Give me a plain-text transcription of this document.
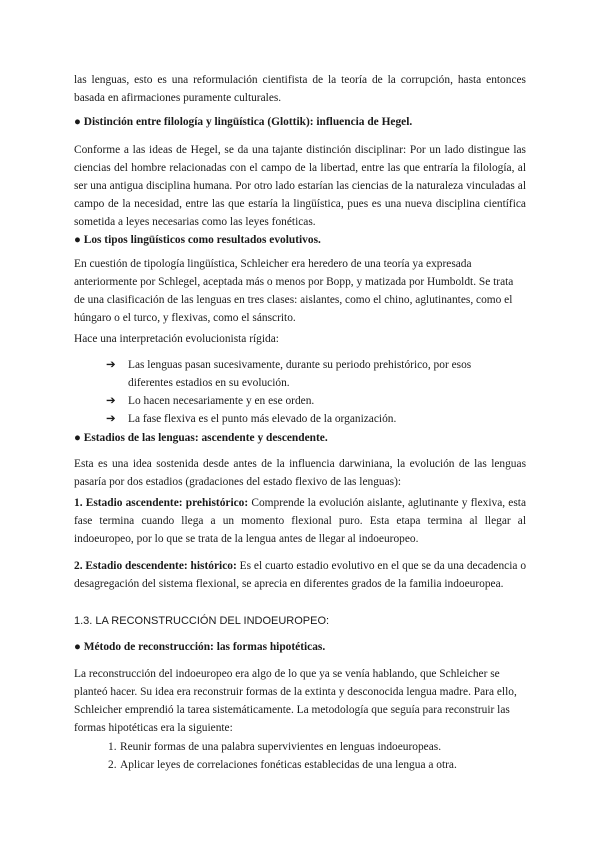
las lenguas, esto es una reformulación cientifista de la teoría de la corrupción, hasta entonces basada en afirmaciones puramente culturales.

● Distinción entre filología y lingüística (Glottik): influencia de Hegel.

Conforme a las ideas de Hegel, se da una tajante distinción disciplinar: Por un lado distingue las ciencias del hombre relacionadas con el campo de la libertad, entre las que entraría la filología, al ser una antigua disciplina humana. Por otro lado estarían las ciencias de la naturaleza vinculadas al campo de la necesidad, entre las que estaría la lingüística, pues es una nueva disciplina científica sometida a leyes necesarias como las leyes fonéticas.

● Los tipos lingüísticos como resultados evolutivos.

En cuestión de tipología lingüística, Schleicher era heredero de una teoría ya expresada anteriormente por Schlegel, aceptada más o menos por Bopp, y matizada por Humboldt. Se trata de una clasificación de las lenguas en tres clases: aislantes, como el chino, aglutinantes, como el húngaro o el turco, y flexivas, como el sánscrito.

Hace una interpretación evolucionista rígida:

➔ Las lenguas pasan sucesivamente, durante su periodo prehistórico, por esos diferentes estadios en su evolución.
➔ Lo hacen necesariamente y en ese orden.
➔ La fase flexiva es el punto más elevado de la organización.

● Estadios de las lenguas: ascendente y descendente.

Esta es una idea sostenida desde antes de la influencia darwiniana, la evolución de las lenguas pasaría por dos estadios (gradaciones del estado flexivo de las lenguas):

1. Estadio ascendente: prehistórico: Comprende la evolución aislante, aglutinante y flexiva, esta fase termina cuando llega a un momento flexional puro. Esta etapa termina al llegar al indoeuropeo, por lo que se trata de la lengua antes de llegar al indoeuropeo.

2. Estadio descendente: histórico: Es el cuarto estadio evolutivo en el que se da una decadencia o desagregación del sistema flexional, se aprecia en diferentes grados de la familia indoeuropea.

1.3. LA RECONSTRUCCIÓN DEL INDOEUROPEO:

● Método de reconstrucción: las formas hipotéticas.

La reconstrucción del indoeuropeo era algo de lo que ya se venía hablando, que Schleicher se planteó hacer. Su idea era reconstruir formas de la extinta y desconocida lengua madre. Para ello, Schleicher emprendió la tarea sistemáticamente. La metodología que seguía para reconstruir las formas hipotéticas era la siguiente:

1. Reunir formas de una palabra supervivientes en lenguas indoeuropeas.
2. Aplicar leyes de correlaciones fonéticas establecidas de una lengua a otra.
